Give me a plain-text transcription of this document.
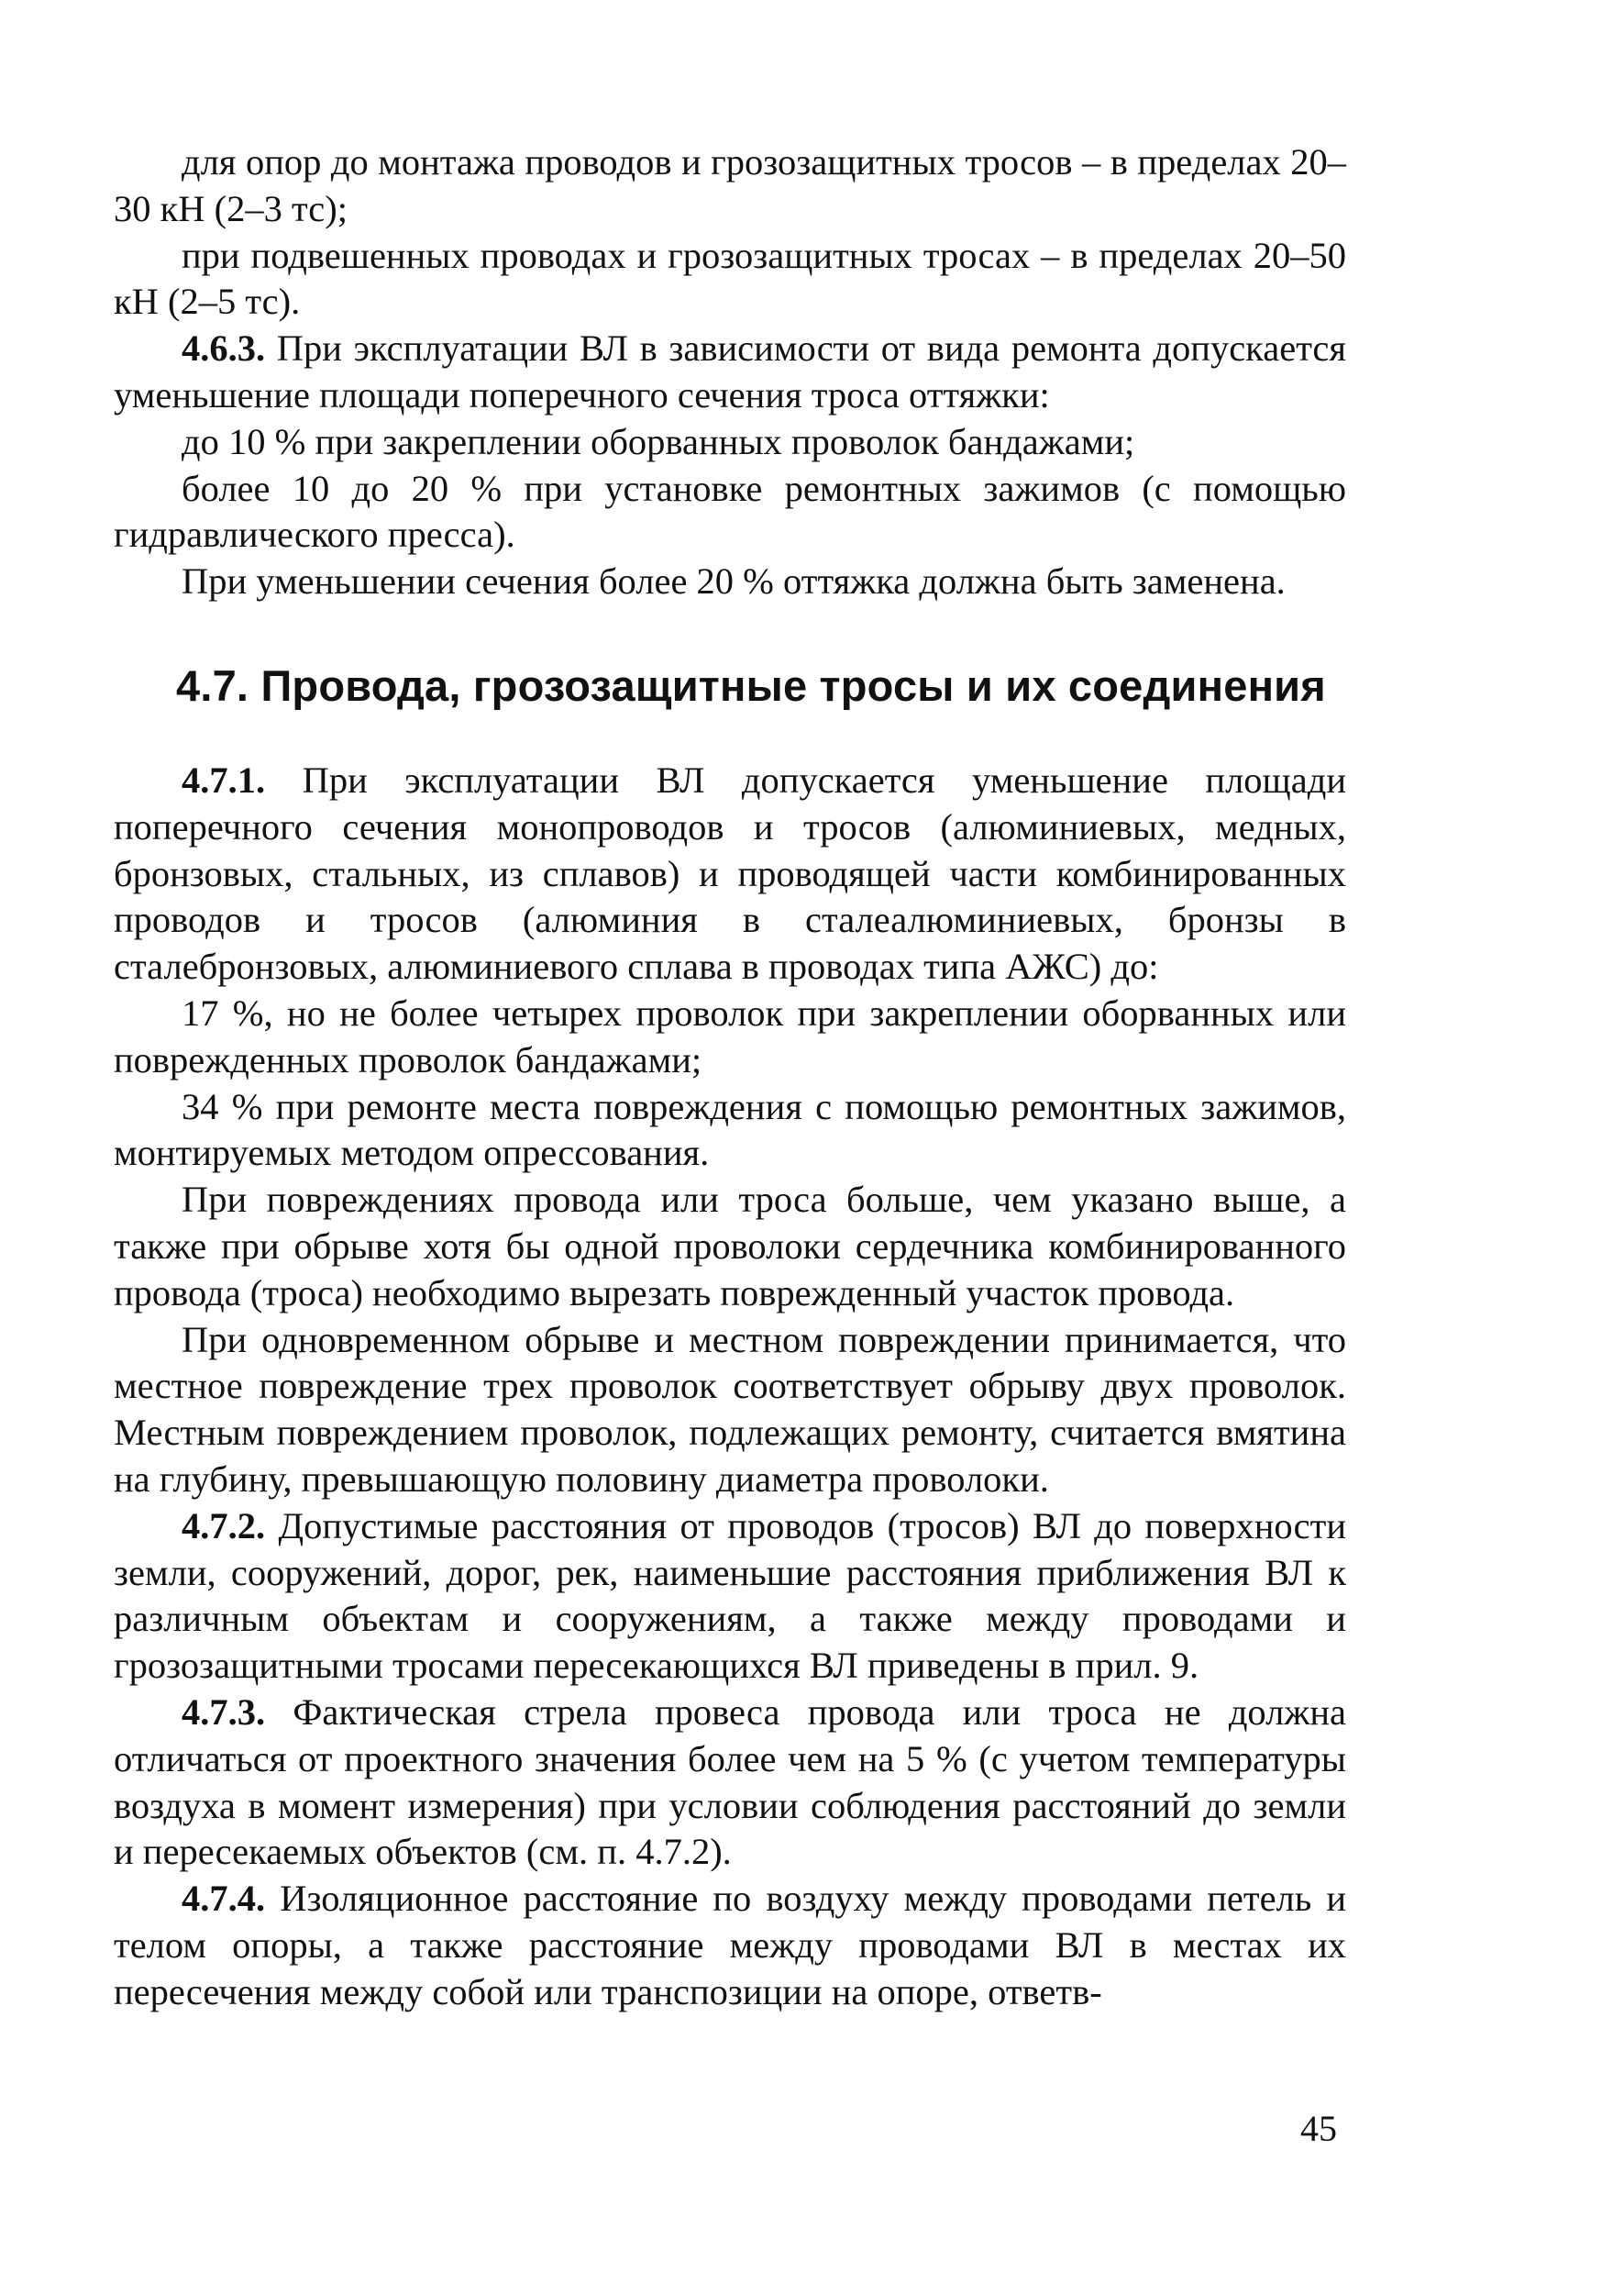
для опор до монтажа проводов и грозозащитных тросов – в пределах 20–30 кН (2–3 тс);

при подвешенных проводах и грозозащитных тросах – в пределах 20–50 кН (2–5 тс).

4.6.3. При эксплуатации ВЛ в зависимости от вида ремонта допускается уменьшение площади поперечного сечения троса оттяжки:

до 10 % при закреплении оборванных проволок бандажами;

более 10 до 20 % при установке ремонтных зажимов (с помощью гидравлического пресса).

При уменьшении сечения более 20 % оттяжка должна быть заменена.

4.7. Провода, грозозащитные тросы и их соединения

4.7.1. При эксплуатации ВЛ допускается уменьшение площади поперечного сечения монопроводов и тросов (алюминиевых, медных, бронзовых, стальных, из сплавов) и проводящей части комбинированных проводов и тросов (алюминия в сталеалюминиевых, бронзы в сталебронзовых, алюминиевого сплава в проводах типа АЖС) до:

17 %, но не более четырех проволок при закреплении оборванных или поврежденных проволок бандажами;

34 % при ремонте места повреждения с помощью ремонтных зажимов, монтируемых методом опрессования.

При повреждениях провода или троса больше, чем указано выше, а также при обрыве хотя бы одной проволоки сердечника комбинированного провода (троса) необходимо вырезать поврежденный участок провода.

При одновременном обрыве и местном повреждении принимается, что местное повреждение трех проволок соответствует обрыву двух проволок. Местным повреждением проволок, подлежащих ремонту, считается вмятина на глубину, превышающую половину диаметра проволоки.

4.7.2. Допустимые расстояния от проводов (тросов) ВЛ до поверхности земли, сооружений, дорог, рек, наименьшие расстояния приближения ВЛ к различным объектам и сооружениям, а также между проводами и грозозащитными тросами пересекающихся ВЛ приведены в прил. 9.

4.7.3. Фактическая стрела провеса провода или троса не должна отличаться от проектного значения более чем на 5 % (с учетом температуры воздуха в момент измерения) при условии соблюдения расстояний до земли и пересекаемых объектов (см. п. 4.7.2).

4.7.4. Изоляционное расстояние по воздуху между проводами петель и телом опоры, а также расстояние между проводами ВЛ в местах их пересечения между собой или транспозиции на опоре, ответв-

45
